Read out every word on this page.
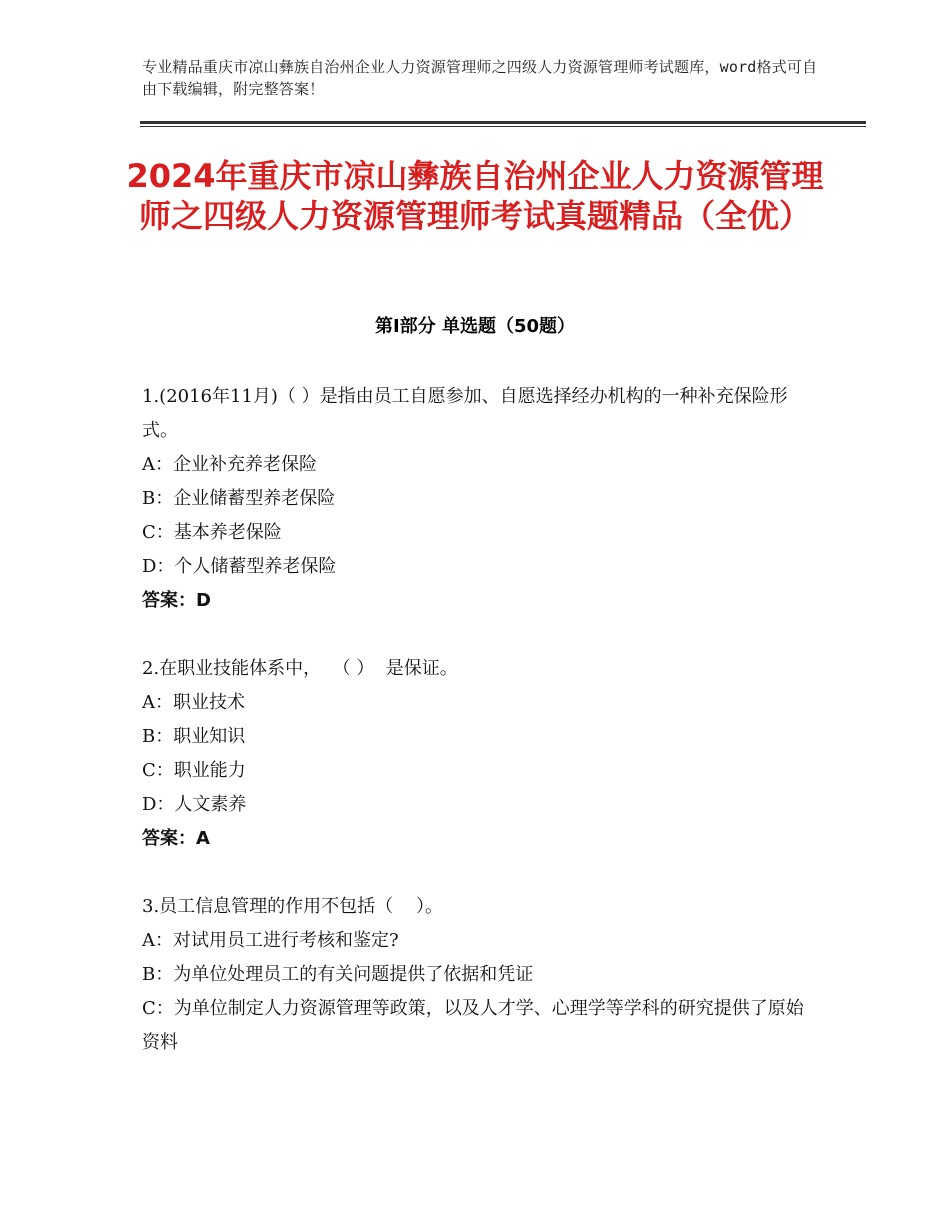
专业精品重庆市凉山彝族自治州企业人力资源管理师之四级人力资源管理师考试题库，word格式可自由下载编辑，附完整答案！
2024年重庆市凉山彝族自治州企业人力资源管理师之四级人力资源管理师考试真题精品（全优）
第Ⅰ部分 单选题（50题）
1.(2016年11月)（ ）是指由员工自愿参加、自愿选择经办机构的一种补充保险形式。
A：企业补充养老保险
B：企业储蓄型养老保险
C：基本养老保险
D：个人储蓄型养老保险
答案：D
2.在职业技能体系中，  （ ）  是保证。
A：职业技术
B：职业知识
C：职业能力
D：人文素养
答案：A
3.员工信息管理的作用不包括（    ）。
A：对试用员工进行考核和鉴定?
B：为单位处理员工的有关问题提供了依据和凭证
C：为单位制定人力资源管理等政策，以及人才学、心理学等学科的研究提供了原始资料
